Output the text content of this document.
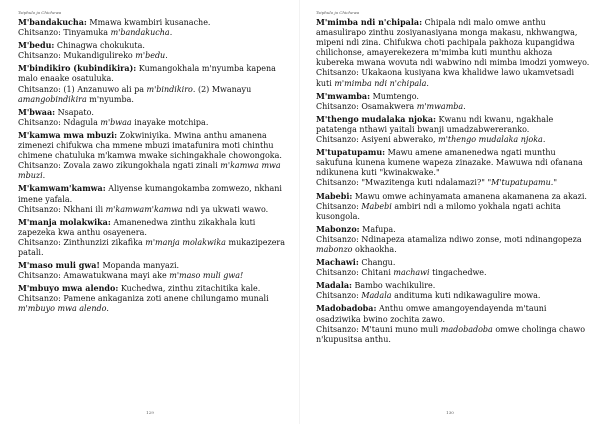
Tsiphulo ja Chichewa
M'bandakucha: Mmawa kwambiri kusanache.
Chitsanzo: Tinyamuka m'bandakucha.
M'bedu: Chinagwa chokukuta.
Chitsanzo: Mukandigulireko m'bedu.
M'bindikiro (kubindikira): Kumangokhala m'nyumba kapena malo enaake osatuluka.
Chitsanzo: (1) Anzanuwo ali pa m'bindikiro. (2) Mwanayu amangobindikira m'nyumba.
M'bwaa: Nsapato.
Chitsanzo: Ndagula m'bwaa inayake motchipa.
M'kamwa mwa mbuzi: Zokwiniyika. Mwina anthu amanena zimenezi chifukwa cha mmene mbuzi imatafunira moti chinthu chimene chatuluka m'kamwa mwake sichingakhale chowongoka.
Chitsanzo: Zovala zawo zikungokhala ngati zinali m'kamwa mwa mbuzi.
M'kamwam'kamwa: Aliyense kumangokamba zomwezo, nkhani imene yafala.
Chitsanzo: Nkhani ili m'kamwam'kamwa ndi ya ukwati wawo.
M'manja molakwika: Amanenedwa zinthu zikakhala kuti zapezeka kwa anthu osayenera.
Chitsanzo: Zinthunzizi zikafika m'manja molakwika mukazipezera patali.
M'maso muli gwa! Mopanda manyazi.
Chitsanzo: Amawatukwana mayi ake m'maso muli gwa!
M'mbuyo mwa alendo: Kuchedwa, zinthu zitachitika kale.
Chitsanzo: Pamene ankaganiza zoti anene chilungamo munali m'mbuyo mwa alendo.
129
Tsiphulo ja Chichewa
M'mimba ndi n'chipala: Chipala ndi malo omwe anthu amasulirapo zinthu zosiyanasiyana monga makasu, nkhwangwa, mipeni ndi zina. Chifukwa choti pachipala pakhoza kupangidwa chilichonse, amayerekezera m'mimba kuti munthu akhoza kuberekа mwana wovuta ndi wabwino ndi mimba imodzi yomweyo.
Chitsanzo: Ukakaona kusiyana kwa khalidwe lawo ukamvetsadi kuti m'mimba ndi n'chipala.
M'mwamba: Mumtengo.
Chitsanzo: Osamakwera m'mwamba.
M'thengo mudalaka njoka: Kwanu ndi kwanu, ngakhale patatenga nthawi yaitali bwanji umadzabwereranko.
Chitsanzo: Asiyeni abwerako, m'thengo mudalaka njoka.
M'tupatupamu: Mawu amene amanenedwa ngati munthu sakufuna kunena kumene wapeza zinazake. Mawuwa ndi ofanana ndikunena kuti "kwinakwake."
Chitsanzo: "Mwazitenga kuti ndalamazi?" "M'tupatupamu."
Mabebi: Mawu omwe achinyamata amanena akamanena za akazi.
Chitsanzo: Mabebi ambiri ndi a milomo yokhala ngati achita kusongola.
Mabonzo: Mafupa.
Chitsanzo: Ndinapeza atamaliza ndiwo zonse, moti ndinangopeza mabonzo okhaokha.
Machawi: Changu.
Chitsanzo: Chitani machawi tingachedwe.
Madala: Bambo wachikulire.
Chitsanzo: Madala anditumа kuti ndikawagulire mowa.
Madobadoba: Anthu omwe amangoyendayenda m'tauni osadziwika bwino zochita zawo.
Chitsanzo: M'tauni muno muli madobadoba omwe cholinga chawo n'kupusitsa anthu.
130
